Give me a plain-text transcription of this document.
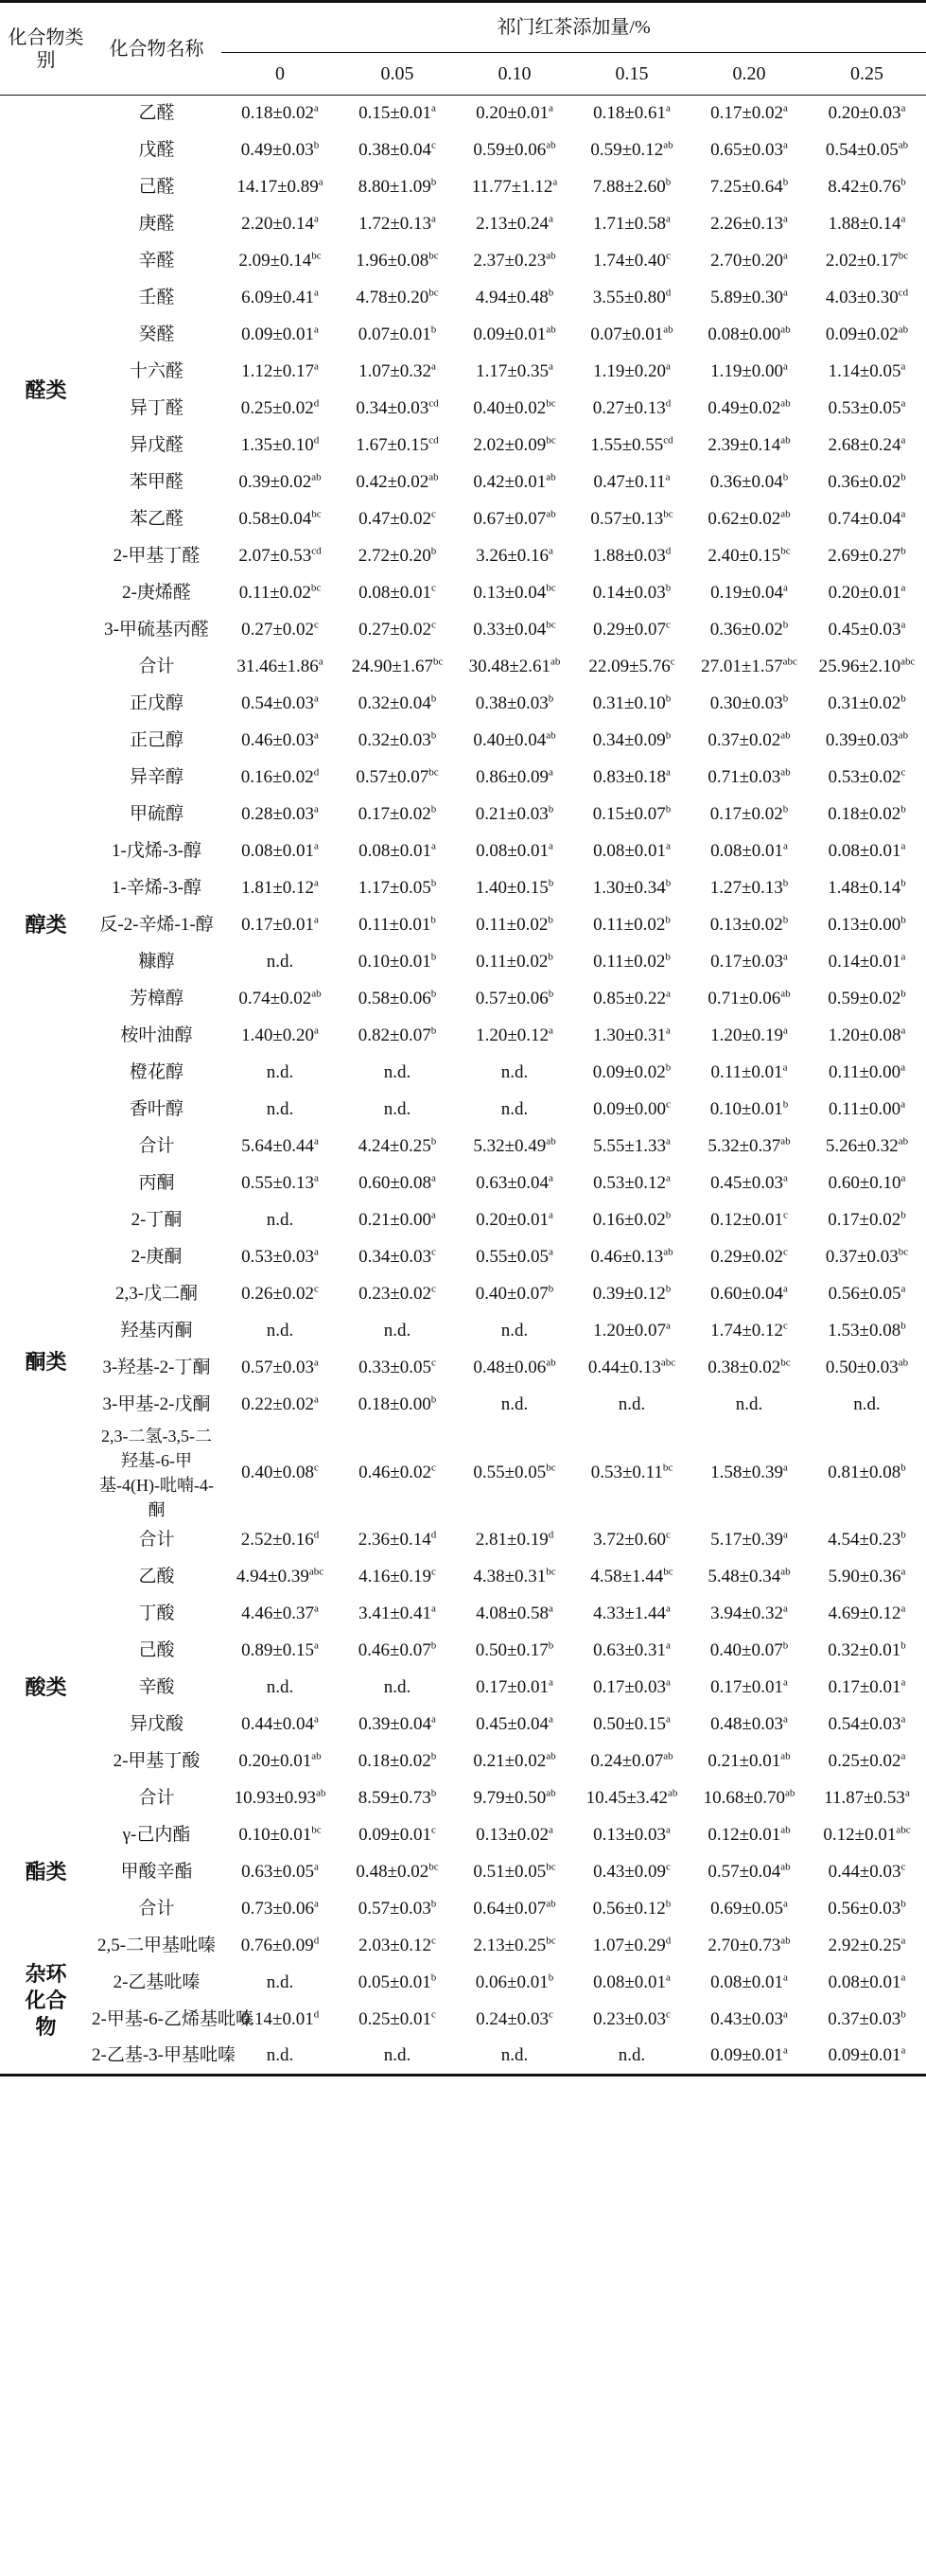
化合物类别	化合物名称	祁门红茶添加量/%					
		0	0.05	0.10	0.15	0.20	0.25
醛类	乙醛	0.18±0.02$^a$	0.15±0.01$^a$	0.20±0.01$^a$	0.18±0.61$^a$	0.17±0.02$^a$	0.20±0.03$^a$
	戊醛	0.49±0.03$^b$	0.38±0.04$^c$	0.59±0.06$^{ab}$	0.59±0.12$^{ab}$	0.65±0.03$^a$	0.54±0.05$^{ab}$
	己醛	14.17±0.89$^a$	8.80±1.09$^b$	11.77±1.12$^a$	7.88±2.60$^b$	7.25±0.64$^b$	8.42±0.76$^b$
	庚醛	2.20±0.14$^a$	1.72±0.13$^a$	2.13±0.24$^a$	1.71±0.58$^a$	2.26±0.13$^a$	1.88±0.14$^a$
	辛醛	2.09±0.14$^{bc}$	1.96±0.08$^{bc}$	2.37±0.23$^{ab}$	1.74±0.40$^c$	2.70±0.20$^a$	2.02±0.17$^{bc}$
	壬醛	6.09±0.41$^a$	4.78±0.20$^{bc}$	4.94±0.48$^b$	3.55±0.80$^d$	5.89±0.30$^a$	4.03±0.30$^{cd}$
	癸醛	0.09±0.01$^a$	0.07±0.01$^b$	0.09±0.01$^{ab}$	0.07±0.01$^{ab}$	0.08±0.00$^{ab}$	0.09±0.02$^{ab}$
	十六醛	1.12±0.17$^a$	1.07±0.32$^a$	1.17±0.35$^a$	1.19±0.20$^a$	1.19±0.00$^a$	1.14±0.05$^a$
	异丁醛	0.25±0.02$^d$	0.34±0.03$^{cd}$	0.40±0.02$^{bc}$	0.27±0.13$^d$	0.49±0.02$^{ab}$	0.53±0.05$^a$
	异戊醛	1.35±0.10$^d$	1.67±0.15$^{cd}$	2.02±0.09$^{bc}$	1.55±0.55$^{cd}$	2.39±0.14$^{ab}$	2.68±0.24$^a$
	苯甲醛	0.39±0.02$^{ab}$	0.42±0.02$^{ab}$	0.42±0.01$^{ab}$	0.47±0.11$^a$	0.36±0.04$^b$	0.36±0.02$^b$
	苯乙醛	0.58±0.04$^{bc}$	0.47±0.02$^c$	0.67±0.07$^{ab}$	0.57±0.13$^{bc}$	0.62±0.02$^{ab}$	0.74±0.04$^a$
	2-甲基丁醛	2.07±0.53$^{cd}$	2.72±0.20$^b$	3.26±0.16$^a$	1.88±0.03$^d$	2.40±0.15$^{bc}$	2.69±0.27$^b$
	2-庚烯醛	0.11±0.02$^{bc}$	0.08±0.01$^c$	0.13±0.04$^{bc}$	0.14±0.03$^b$	0.19±0.04$^a$	0.20±0.01$^a$
	3-甲硫基丙醛	0.27±0.02$^c$	0.27±0.02$^c$	0.33±0.04$^{bc}$	0.29±0.07$^c$	0.36±0.02$^b$	0.45±0.03$^a$
	合计	31.46±1.86$^a$	24.90±1.67$^{bc}$	30.48±2.61$^{ab}$	22.09±5.76$^c$	27.01±1.57$^{abc}$	25.96±2.10$^{abc}$
醇类	正戊醇	0.54±0.03$^a$	0.32±0.04$^b$	0.38±0.03$^b$	0.31±0.10$^b$	0.30±0.03$^b$	0.31±0.02$^b$
	正己醇	0.46±0.03$^a$	0.32±0.03$^b$	0.40±0.04$^{ab}$	0.34±0.09$^b$	0.37±0.02$^{ab}$	0.39±0.03$^{ab}$
	异辛醇	0.16±0.02$^d$	0.57±0.07$^{bc}$	0.86±0.09$^a$	0.83±0.18$^a$	0.71±0.03$^{ab}$	0.53±0.02$^c$
	甲硫醇	0.28±0.03$^a$	0.17±0.02$^b$	0.21±0.03$^b$	0.15±0.07$^b$	0.17±0.02$^b$	0.18±0.02$^b$
	1-戊烯-3-醇	0.08±0.01$^a$	0.08±0.01$^a$	0.08±0.01$^a$	0.08±0.01$^a$	0.08±0.01$^a$	0.08±0.01$^a$
	1-辛烯-3-醇	1.81±0.12$^a$	1.17±0.05$^b$	1.40±0.15$^b$	1.30±0.34$^b$	1.27±0.13$^b$	1.48±0.14$^b$
	反-2-辛烯-1-醇	0.17±0.01$^a$	0.11±0.01$^b$	0.11±0.02$^b$	0.11±0.02$^b$	0.13±0.02$^b$	0.13±0.00$^b$
	糠醇	n.d.	0.10±0.01$^b$	0.11±0.02$^b$	0.11±0.02$^b$	0.17±0.03$^a$	0.14±0.01$^a$
	芳樟醇	0.74±0.02$^{ab}$	0.58±0.06$^b$	0.57±0.06$^b$	0.85±0.22$^a$	0.71±0.06$^{ab}$	0.59±0.02$^b$
	桉叶油醇	1.40±0.20$^a$	0.82±0.07$^b$	1.20±0.12$^a$	1.30±0.31$^a$	1.20±0.19$^a$	1.20±0.08$^a$
	橙花醇	n.d.	n.d.	n.d.	0.09±0.02$^b$	0.11±0.01$^a$	0.11±0.00$^a$
	香叶醇	n.d.	n.d.	n.d.	0.09±0.00$^c$	0.10±0.01$^b$	0.11±0.00$^a$
	合计	5.64±0.44$^a$	4.24±0.25$^b$	5.32±0.49$^{ab}$	5.55±1.33$^a$	5.32±0.37$^{ab}$	5.26±0.32$^{ab}$
酮类	丙酮	0.55±0.13$^a$	0.60±0.08$^a$	0.63±0.04$^a$	0.53±0.12$^a$	0.45±0.03$^a$	0.60±0.10$^a$
	2-丁酮	n.d.	0.21±0.00$^a$	0.20±0.01$^a$	0.16±0.02$^b$	0.12±0.01$^c$	0.17±0.02$^b$
	2-庚酮	0.53±0.03$^a$	0.34±0.03$^c$	0.55±0.05$^a$	0.46±0.13$^{ab}$	0.29±0.02$^c$	0.37±0.03$^{bc}$
	2,3-戊二酮	0.26±0.02$^c$	0.23±0.02$^c$	0.40±0.07$^b$	0.39±0.12$^b$	0.60±0.04$^a$	0.56±0.05$^a$
	羟基丙酮	n.d.	n.d.	n.d.	1.20±0.07$^a$	1.74±0.12$^c$	1.53±0.08$^b$
	3-羟基-2-丁酮	0.57±0.03$^a$	0.33±0.05$^c$	0.48±0.06$^{ab}$	0.44±0.13$^{abc}$	0.38±0.02$^{bc}$	0.50±0.03$^{ab}$
	3-甲基-2-戊酮	0.22±0.02$^a$	0.18±0.00$^b$	n.d.	n.d.	n.d.	n.d.
	2,3-二氢-3,5-二羟基-6-甲基-4(H)-吡喃-4-酮	0.40±0.08$^c$	0.46±0.02$^c$	0.55±0.05$^{bc}$	0.53±0.11$^{bc}$	1.58±0.39$^a$	0.81±0.08$^b$
	合计	2.52±0.16$^d$	2.36±0.14$^d$	2.81±0.19$^d$	3.72±0.60$^c$	5.17±0.39$^a$	4.54±0.23$^b$
酸类	乙酸	4.94±0.39$^{abc}$	4.16±0.19$^c$	4.38±0.31$^{bc}$	4.58±1.44$^{bc}$	5.48±0.34$^{ab}$	5.90±0.36$^a$
	丁酸	4.46±0.37$^a$	3.41±0.41$^a$	4.08±0.58$^a$	4.33±1.44$^a$	3.94±0.32$^a$	4.69±0.12$^a$
	己酸	0.89±0.15$^a$	0.46±0.07$^b$	0.50±0.17$^b$	0.63±0.31$^a$	0.40±0.07$^b$	0.32±0.01$^b$
	辛酸	n.d.	n.d.	0.17±0.01$^a$	0.17±0.03$^a$	0.17±0.01$^a$	0.17±0.01$^a$
	异戊酸	0.44±0.04$^a$	0.39±0.04$^a$	0.45±0.04$^a$	0.50±0.15$^a$	0.48±0.03$^a$	0.54±0.03$^a$
	2-甲基丁酸	0.20±0.01$^{ab}$	0.18±0.02$^b$	0.21±0.02$^{ab}$	0.24±0.07$^{ab}$	0.21±0.01$^{ab}$	0.25±0.02$^a$
	合计	10.93±0.93$^{ab}$	8.59±0.73$^b$	9.79±0.50$^{ab}$	10.45±3.42$^{ab}$	10.68±0.70$^{ab}$	11.87±0.53$^a$
酯类	γ-己内酯	0.10±0.01$^{bc}$	0.09±0.01$^c$	0.13±0.02$^a$	0.13±0.03$^a$	0.12±0.01$^{ab}$	0.12±0.01$^{abc}$
	甲酸辛酯	0.63±0.05$^a$	0.48±0.02$^{bc}$	0.51±0.05$^{bc}$	0.43±0.09$^c$	0.57±0.04$^{ab}$	0.44±0.03$^c$
	合计	0.73±0.06$^a$	0.57±0.03$^b$	0.64±0.07$^{ab}$	0.56±0.12$^b$	0.69±0.05$^a$	0.56±0.03$^b$
杂环化合物	2,5-二甲基吡嗪	0.76±0.09$^d$	2.03±0.12$^c$	2.13±0.25$^{bc}$	1.07±0.29$^d$	2.70±0.73$^{ab}$	2.92±0.25$^a$
	2-乙基吡嗪	n.d.	0.05±0.01$^b$	0.06±0.01$^b$	0.08±0.01$^a$	0.08±0.01$^a$	0.08±0.01$^a$
	2-甲基-6-乙烯基吡嗪	0.14±0.01$^d$	0.25±0.01$^c$	0.24±0.03$^c$	0.23±0.03$^c$	0.43±0.03$^a$	0.37±0.03$^b$
	2-乙基-3-甲基吡嗪	n.d.	n.d.	n.d.	n.d.	0.09±0.01$^a$	0.09±0.01$^a$
